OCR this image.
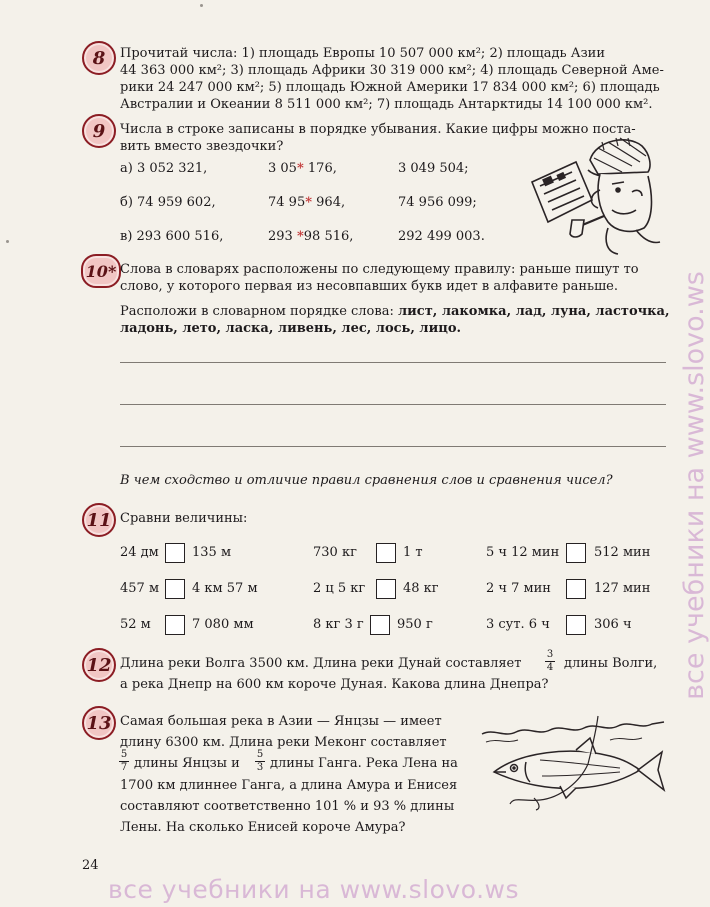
8 Прочитай числа: 1) площадь Европы 10 507 000 км²; 2) площадь Азии
44 363 000 км²; 3) площадь Африки 30 319 000 км²; 4) площадь Северной Аме-
рики 24 247 000 км²; 5) площадь Южной Америки 17 834 000 км²; 6) площадь
Австралии и Океании 8 511 000 км²; 7) площадь Антарктиды 14 100 000 км².
9 Числа в строке записаны в порядке убывания. Какие цифры можно поста-
вить вместо звездочки?
а) 3 052 321,	3 05* 176,	3 049 504;
б) 74 959 602,	74 95* 964,	74 956 099;
в) 293 600 516,	293 *98 516,	292 499 003.
10* Слова в словарях расположены по следующему правилу: раньше пишут то
слово, у которого первая из несовпавших букв идет в алфавите раньше.
Расположи в словарном порядке слова: лист, лакомка, лад, луна, ласточка,
ладонь, лето, ласка, ливень, лес, лось, лицо.
В чем сходство и отличие правил сравнения слов и сравнения чисел?
11 Сравни величины:
24 дм	135 м	730 кг	1 т	5 ч 12 мин	512 мин
457 м	4 км 57 м	2 ц 5 кг	48 кг	2 ч 7 мин	127 мин
52 м	7 080 мм	8 кг 3 г	950 г	3 сут. 6 ч	306 ч
12 Длина реки Волга 3500 км. Длина реки Дунай составляет $\frac{3}{4}$ длины Волги,
а река Днепр на 600 км короче Дуная. Какова длина Днепра?
13 Самая большая река в Азии — Янцзы — имеет
длину 6300 км. Длина реки Меконг составляет
$\frac{5}{7}$ длины Янцзы и $\frac{5}{3}$ длины Ганга. Река Лена на
1700 км длиннее Ганга, а длина Амура и Енисея
составляют соответственно 101 % и 93 % длины
Лены. На сколько Енисей короче Амура?
24
все учебники на www.slovo.ws
все учебники на www.slovo.ws
